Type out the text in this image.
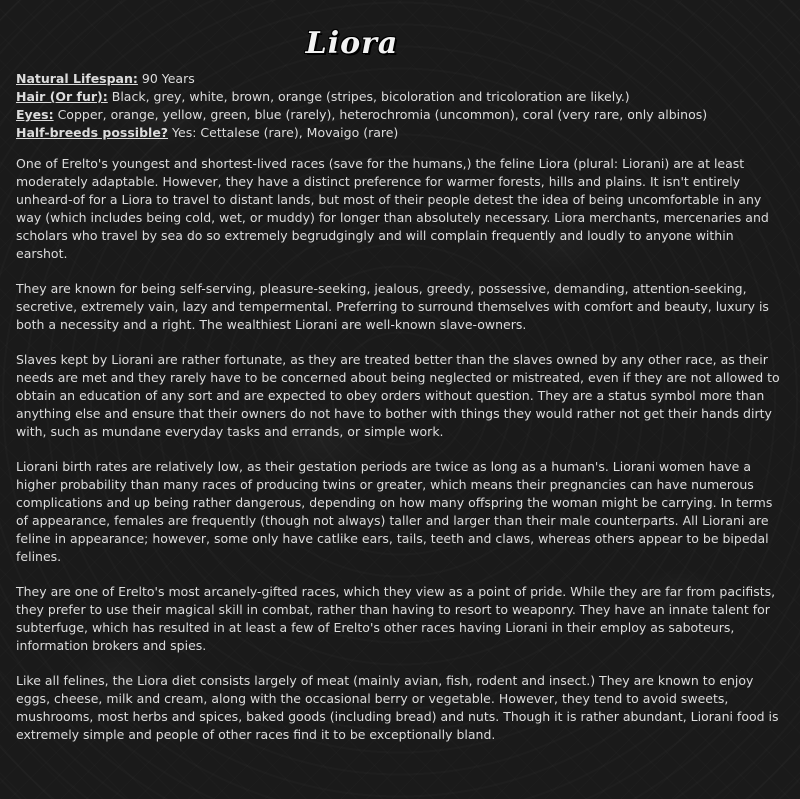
Liora
Natural Lifespan: 90 Years
Hair (Or fur): Black, grey, white, brown, orange (stripes, bicoloration and tricoloration are likely.)
Eyes: Copper, orange, yellow, green, blue (rarely), heterochromia (uncommon), coral (very rare, only albinos)
Half-breeds possible? Yes: Cettalese (rare), Movaigo (rare)

One of Erelto's youngest and shortest-lived races (save for the humans,) the feline Liora (plural: Liorani) are at least moderately adaptable. However, they have a distinct preference for warmer forests, hills and plains. It isn't entirely unheard-of for a Liora to travel to distant lands, but most of their people detest the idea of being uncomfortable in any way (which includes being cold, wet, or muddy) for longer than absolutely necessary. Liora merchants, mercenaries and scholars who travel by sea do so extremely begrudgingly and will complain frequently and loudly to anyone within earshot.

They are known for being self-serving, pleasure-seeking, jealous, greedy, possessive, demanding, attention-seeking, secretive, extremely vain, lazy and tempermental. Preferring to surround themselves with comfort and beauty, luxury is both a necessity and a right. The wealthiest Liorani are well-known slave-owners.

Slaves kept by Liorani are rather fortunate, as they are treated better than the slaves owned by any other race, as their needs are met and they rarely have to be concerned about being neglected or mistreated, even if they are not allowed to obtain an education of any sort and are expected to obey orders without question. They are a status symbol more than anything else and ensure that their owners do not have to bother with things they would rather not get their hands dirty with, such as mundane everyday tasks and errands, or simple work.

Liorani birth rates are relatively low, as their gestation periods are twice as long as a human's. Liorani women have a higher probability than many races of producing twins or greater, which means their pregnancies can have numerous complications and up being rather dangerous, depending on how many offspring the woman might be carrying. In terms of appearance, females are frequently (though not always) taller and larger than their male counterparts. All Liorani are feline in appearance; however, some only have catlike ears, tails, teeth and claws, whereas others appear to be bipedal felines.

They are one of Erelto's most arcanely-gifted races, which they view as a point of pride. While they are far from pacifists, they prefer to use their magical skill in combat, rather than having to resort to weaponry. They have an innate talent for subterfuge, which has resulted in at least a few of Erelto's other races having Liorani in their employ as saboteurs, information brokers and spies.

Like all felines, the Liora diet consists largely of meat (mainly avian, fish, rodent and insect.) They are known to enjoy eggs, cheese, milk and cream, along with the occasional berry or vegetable. However, they tend to avoid sweets, mushrooms, most herbs and spices, baked goods (including bread) and nuts. Though it is rather abundant, Liorani food is extremely simple and people of other races find it to be exceptionally bland.
